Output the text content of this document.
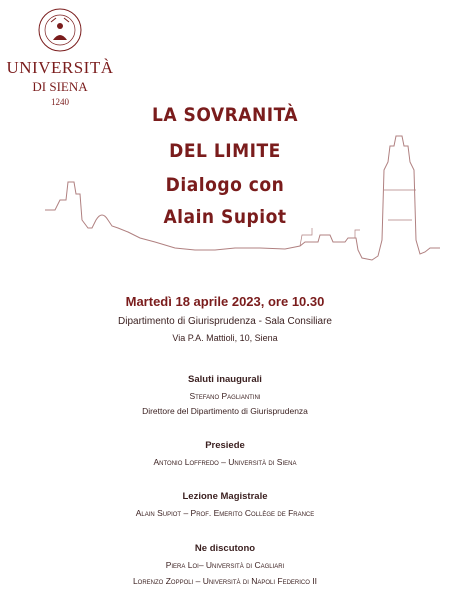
UNIVERSITÀ
DI SIENA
1240
LA SOVRANITÀ
DEL LIMITE
Dialogo con
Alain Supiot
Martedì 18 aprile 2023, ore 10.30
Dipartimento di Giurisprudenza - Sala Consiliare
Via P.A. Mattioli, 10, Siena
Saluti inaugurali
Stefano Pagliantini
Direttore del Dipartimento di Giurisprudenza
Presiede
Antonio Loffredo – Università di Siena
Lezione Magistrale
Alain Supiot – Prof. Emerito Collège de France
Ne discutono
Piera Loi– Università di Cagliari
Lorenzo Zoppoli – Università di Napoli Federico II
